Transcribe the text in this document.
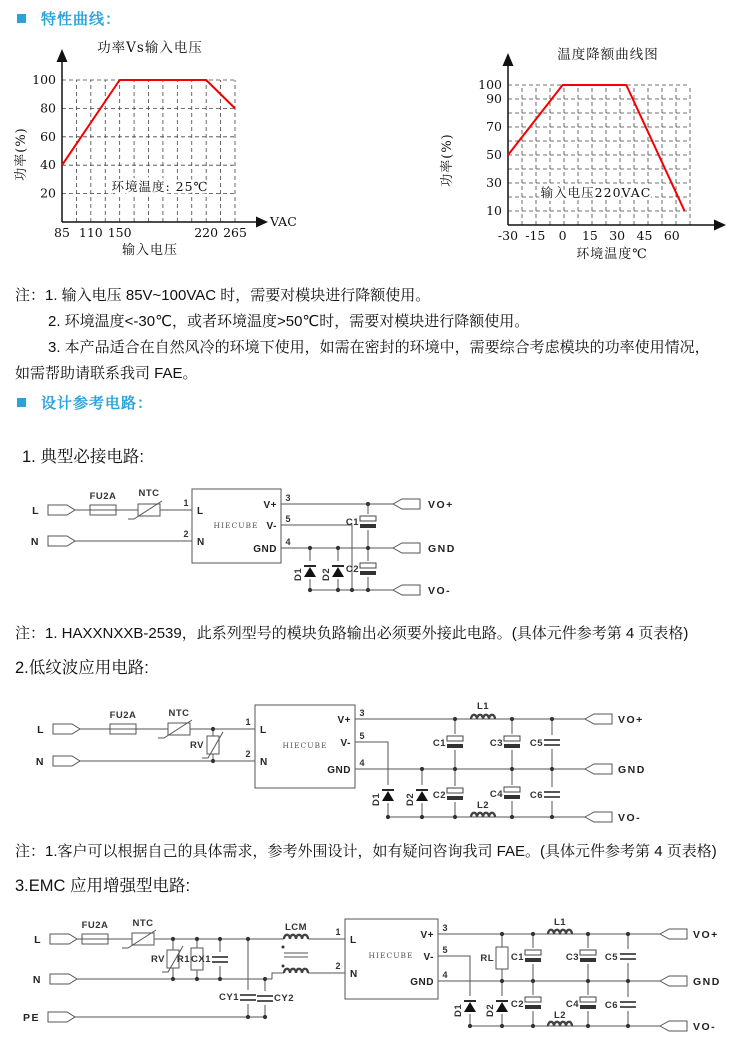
特性曲线：
85 110 150	220 265
100
80
60
40
20
功率Vs输入电压
环境温度: 25℃
输入电压
功率(%)
VAC
-30 -15 0 15 30 45 60
100
90
70
50
30
10
温度降额曲线图
输入电压220VAC
环境温度℃
功率(%)
注：1. 输入电压 85V~100VAC 时，需要对模块进行降额使用。
2. 环境温度<-30℃，或者环境温度>50℃时，需要对模块进行降额使用。
3. 本产品适合在自然风冷的环境下使用，如需在密封的环境中，需要综合考虑模块的功率使用情况，
如需帮助请联系我司 FAE。
设计参考电路：
1. 典型必接电路:
L
N
FU2A NTC
1
2
L
N
HIECUBE
V+
V-
GND
3
5
4
D1 D2
C1
C2
VO+
GND
VO-
注：1. HAXXNXXB-2539，此系列型号的模块负路输出必须要外接此电路。(具体元件参考第 4 页表格)
2.低纹波应用电路:
L
N
FU2A	NTC
RV
1
2
L
N
HIECUBE
V+
V-
GND
3
5
4
D1 D2
C1
C2
C3
C4
C5
C6
L1
L2
VO+
GND
VO-
注：1.客户可以根据自己的具体需求，参考外围设计，如有疑问咨询我司 FAE。(具体元件参考第 4 页表格)
3.EMC 应用增强型电路:
L
N
PE
FU2A	NTC
RV R1 CX1
CY1	CY2
LCM	1
2
L
N
HIECUBE
V+
V-
GND
3
5
4
RL
D1 D2
C1
C2
C3
C4
C5
C6
L1
L2
VO+
GND
VO-
